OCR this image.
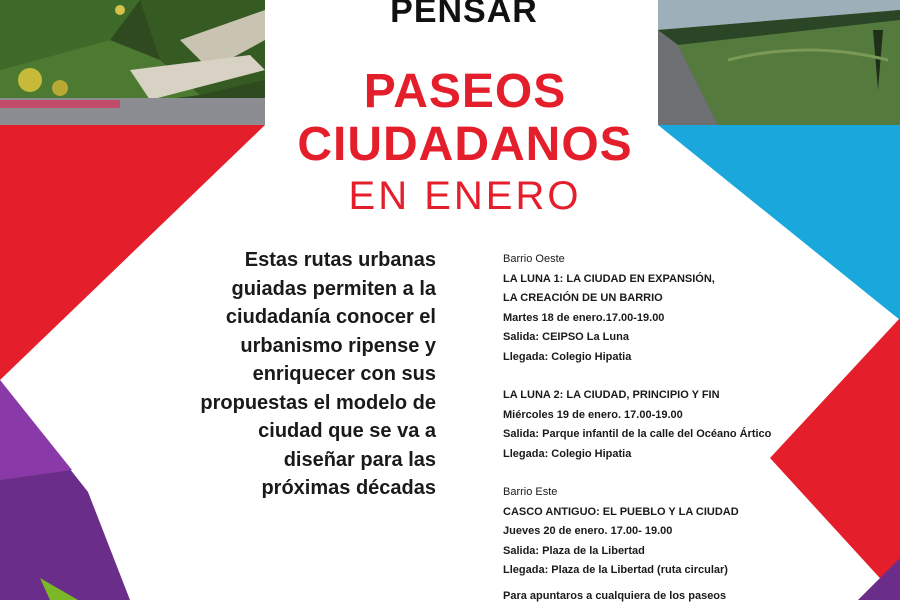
PENSAR
PASEOS
CIUDADANOS
EN ENERO
Estas rutas urbanas
guiadas permiten a la
ciudadanía conocer el
urbanismo ripense y
enriquecer con sus
propuestas el modelo de
ciudad que se va a
diseñar para las
próximas décadas
Barrio Oeste
LA LUNA 1: LA CIUDAD EN EXPANSIÓN,
LA CREACIÓN DE UN BARRIO
Martes 18 de enero.17.00-19.00
Salida: CEIPSO La Luna
Llegada: Colegio Hipatia
LA LUNA 2: LA CIUDAD, PRINCIPIO Y FIN
Miércoles 19 de enero. 17.00-19.00
Salida: Parque infantil de la calle del Océano Ártico
Llegada: Colegio Hipatia
Barrio Este
CASCO ANTIGUO: EL PUEBLO Y LA CIUDAD
Jueves 20 de enero. 17.00- 19.00
Salida: Plaza de la Libertad
Llegada: Plaza de la Libertad (ruta circular)
Para apuntaros a cualquiera de los paseos
